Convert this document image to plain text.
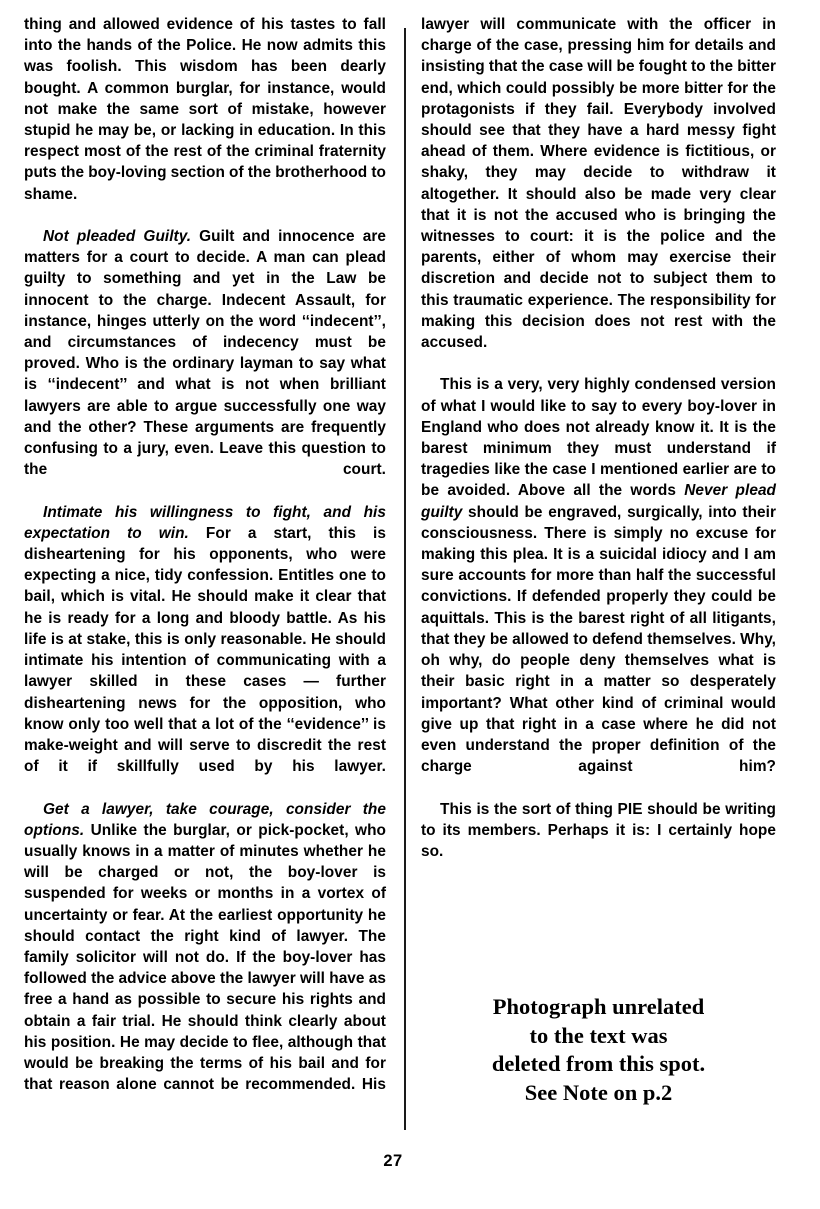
thing and allowed evidence of his tastes to fall into the hands of the Police. He now admits this was foolish. This wisdom has been dearly bought. A common burglar, for instance, would not make the same sort of mistake, however stupid he may be, or lacking in education. In this respect most of the rest of the criminal fraternity puts the boy-loving section of the brotherhood to shame.

Not pleaded Guilty. Guilt and innocence are matters for a court to decide. A man can plead guilty to something and yet in the Law be innocent to the charge. Indecent Assault, for instance, hinges utterly on the word ‘‘indecent’’, and circumstances of indecency must be proved. Who is the ordinary layman to say what is ‘‘indecent’’ and what is not when brilliant lawyers are able to argue successfully one way and the other? These arguments are frequently confusing to a jury, even. Leave this question to the court.

Intimate his willingness to fight, and his expectation to win. For a start, this is disheartening for his opponents, who were expecting a nice, tidy confession. Entitles one to bail, which is vital. He should make it clear that he is ready for a long and bloody battle. As his life is at stake, this is only reasonable. He should intimate his intention of communicating with a lawyer skilled in these cases — further disheartening news for the opposition, who know only too well that a lot of the ‘‘evidence’’ is make-weight and will serve to discredit the rest of it if skillfully used by his lawyer.

Get a lawyer, take courage, consider the options. Unlike the burglar, or pick-pocket, who usually knows in a matter of minutes whether he will be charged or not, the boy-lover is suspended for weeks or months in a vortex of uncertainty or fear. At the earliest opportunity he should contact the right kind of lawyer. The family solicitor will not do. If the boy-lover has followed the advice above the lawyer will have as free a hand as possible to secure his rights and obtain a fair trial. He should think clearly about his position. He may decide to flee, although that would be breaking the terms of his bail and for that reason alone cannot be recommended. His

lawyer will communicate with the officer in charge of the case, pressing him for details and insisting that the case will be fought to the bitter end, which could possibly be more bitter for the protagonists if they fail. Everybody involved should see that they have a hard messy fight ahead of them. Where evidence is fictitious, or shaky, they may decide to withdraw it altogether. It should also be made very clear that it is not the accused who is bringing the witnesses to court: it is the police and the parents, either of whom may exercise their discretion and decide not to subject them to this traumatic experience. The responsibility for making this decision does not rest with the accused.

This is a very, very highly condensed version of what I would like to say to every boy-lover in England who does not already know it. It is the barest minimum they must understand if tragedies like the case I mentioned earlier are to be avoided. Above all the words Never plead guilty should be engraved, surgically, into their consciousness. There is simply no excuse for making this plea. It is a suicidal idiocy and I am sure accounts for more than half the successful convictions. If defended properly they could be aquittals. This is the barest right of all litigants, that they be allowed to defend themselves. Why, oh why, do people deny themselves what is their basic right in a matter so desperately important? What other kind of criminal would give up that right in a case where he did not even understand the proper definition of the charge against him?

This is the sort of thing PIE should be writing to its members. Perhaps it is: I certainly hope so.

Photograph unrelated
to the text was
deleted from this spot.
See Note on p.2
27
